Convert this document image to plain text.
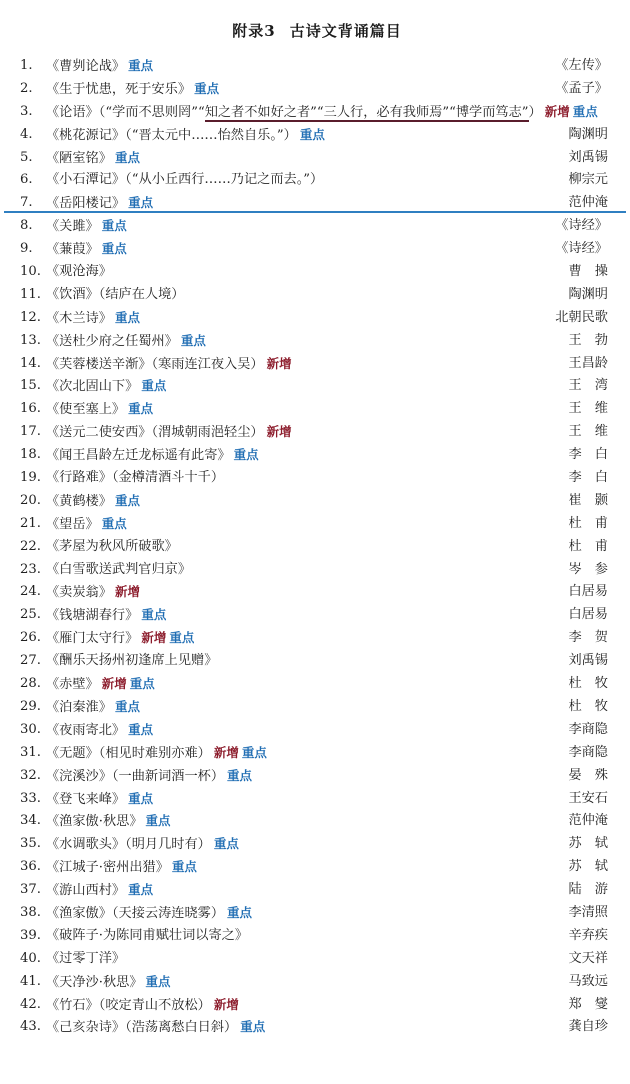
附录3 古诗文背诵篇目
1.	《曹刿论战》 重点	《左传》
2.	《生于忧患，死于安乐》 重点	《孟子》
3.	《论语》（“学而不思则罔”“知之者不如好之者”“三人行，必有我师焉”“博学而笃志”） 新增 重点
4.	《桃花源记》（“晋太元中……怡然自乐。”） 重点	陶渊明
5.	《陋室铭》 重点	刘禹锡
6.	《小石潭记》（“从小丘西行……乃记之而去。”）	柳宗元
7.	《岳阳楼记》 重点	范仲淹
8.	《关雎》 重点	《诗经》
9.	《蒹葭》 重点	《诗经》
10. 《观沧海》	曹　操
11. 《饮酒》（结庐在人境）	陶渊明
12. 《木兰诗》 重点	北朝民歌
13. 《送杜少府之任蜀州》 重点	王　勃
14. 《芙蓉楼送辛渐》（寒雨连江夜入吴） 新增	王昌龄
15. 《次北固山下》 重点	王　湾
16. 《使至塞上》 重点	王　维
17. 《送元二使安西》（渭城朝雨浥轻尘） 新增	王　维
18. 《闻王昌龄左迁龙标遥有此寄》 重点	李　白
19. 《行路难》（金樽清酒斗十千）	李　白
20. 《黄鹤楼》 重点	崔　颢
21. 《望岳》 重点	杜　甫
22. 《茅屋为秋风所破歌》	杜　甫
23. 《白雪歌送武判官归京》	岑　参
24. 《卖炭翁》 新增	白居易
25. 《钱塘湖春行》 重点	白居易
26. 《雁门太守行》 新增 重点	李　贺
27. 《酬乐天扬州初逢席上见赠》	刘禹锡
28. 《赤壁》 新增 重点	杜　牧
29. 《泊秦淮》 重点	杜　牧
30. 《夜雨寄北》 重点	李商隐
31. 《无题》（相见时难别亦难） 新增 重点	李商隐
32. 《浣溪沙》（一曲新词酒一杯） 重点	晏　殊
33. 《登飞来峰》 重点	王安石
34. 《渔家傲·秋思》 重点	范仲淹
35. 《水调歌头》（明月几时有） 重点	苏　轼
36. 《江城子·密州出猎》 重点	苏　轼
37. 《游山西村》 重点	陆　游
38. 《渔家傲》（天接云涛连晓雾） 重点	李清照
39. 《破阵子·为陈同甫赋壮词以寄之》	辛弃疾
40. 《过零丁洋》	文天祥
41. 《天净沙·秋思》 重点	马致远
42. 《竹石》（咬定青山不放松） 新增	郑　燮
43. 《己亥杂诗》（浩荡离愁白日斜） 重点	龚自珍
